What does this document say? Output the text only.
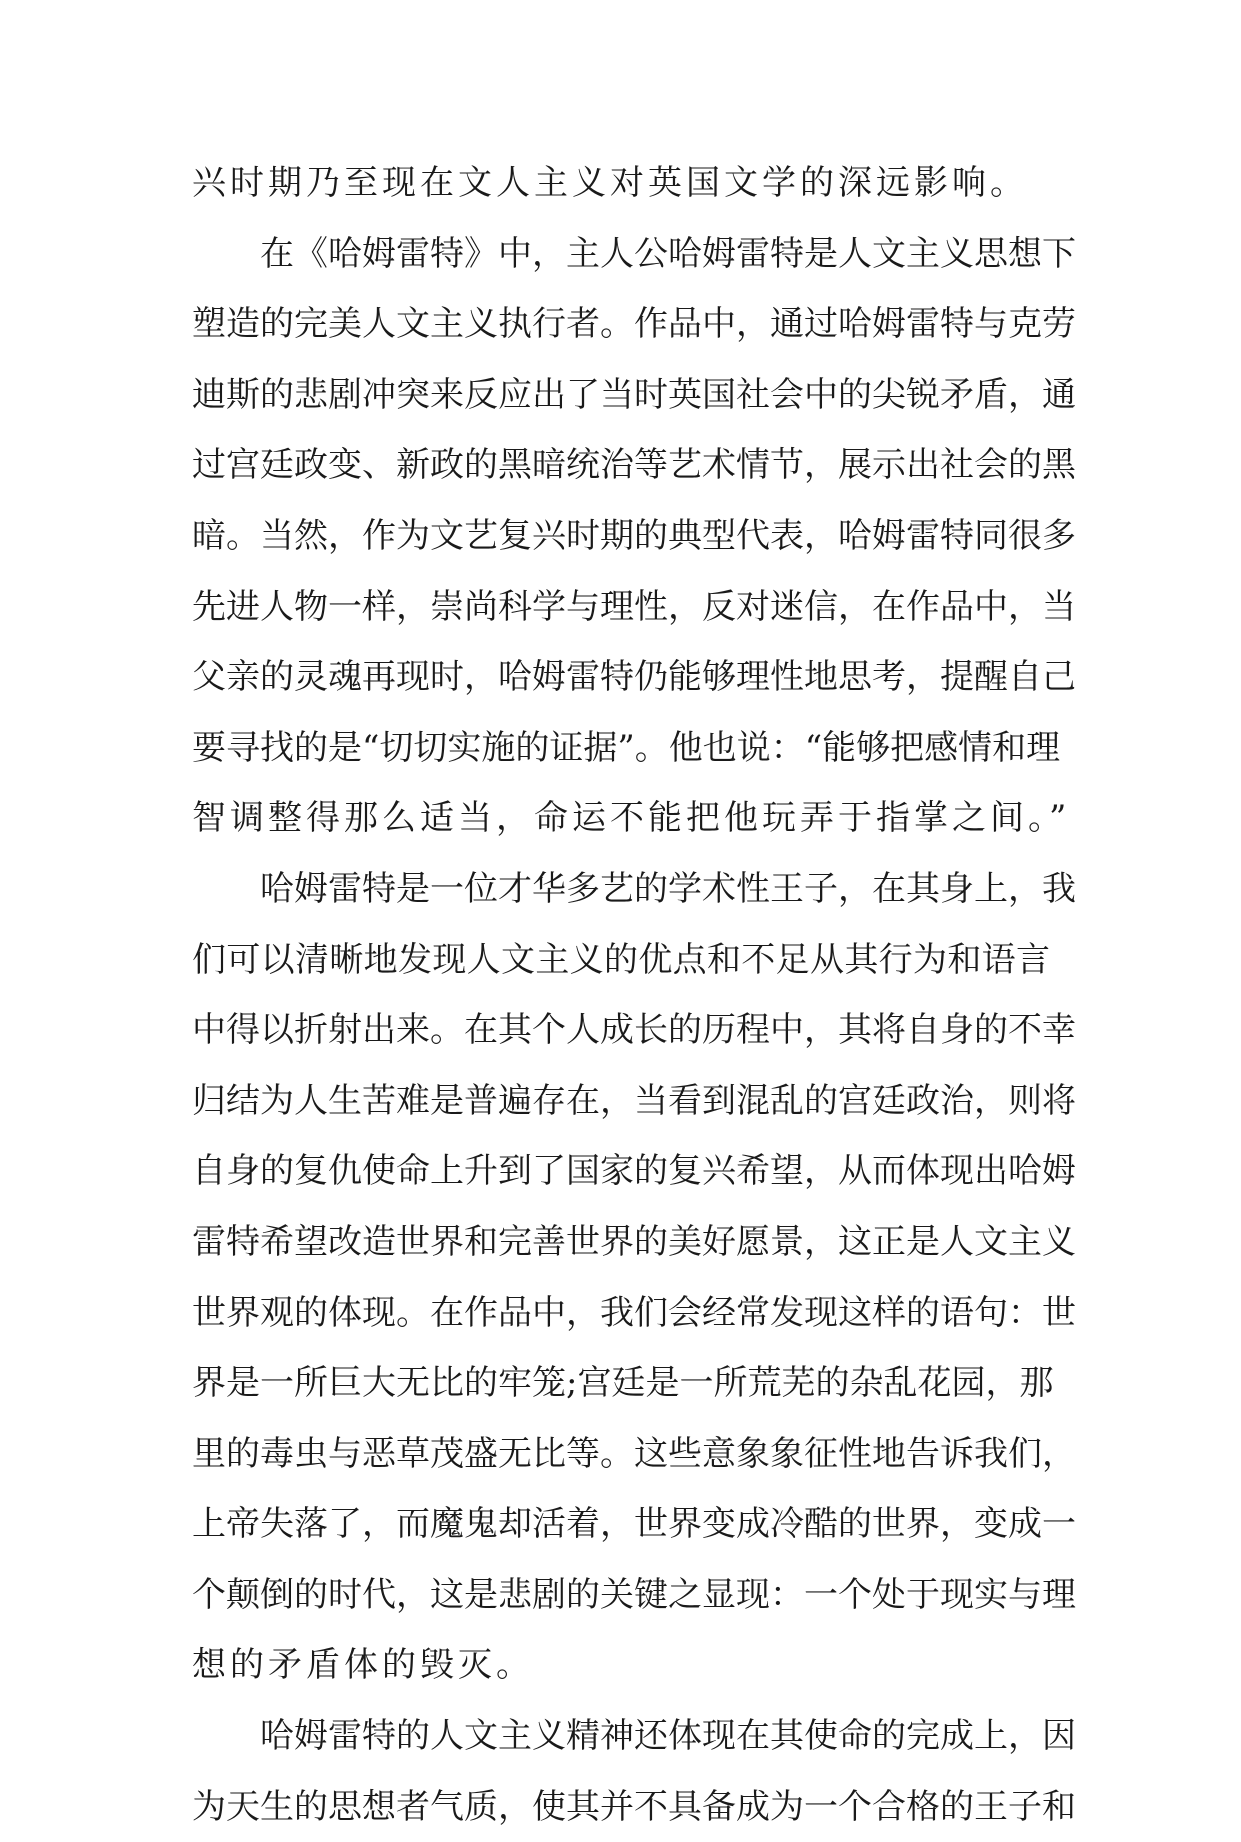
兴时期乃至现在文人主义对英国文学的深远影响。
在《哈姆雷特》中，主人公哈姆雷特是人文主义思想下
塑造的完美人文主义执行者。作品中，通过哈姆雷特与克劳
迪斯的悲剧冲突来反应出了当时英国社会中的尖锐矛盾，通
过宫廷政变、新政的黑暗统治等艺术情节，展示出社会的黑
暗。当然，作为文艺复兴时期的典型代表，哈姆雷特同很多
先进人物一样，崇尚科学与理性，反对迷信，在作品中，当
父亲的灵魂再现时，哈姆雷特仍能够理性地思考，提醒自己
要寻找的是“切切实施的证据”。他也说：“能够把感情和理
智调整得那么适当，命运不能把他玩弄于指掌之间。”
哈姆雷特是一位才华多艺的学术性王子，在其身上，我
们可以清晰地发现人文主义的优点和不足从其行为和语言
中得以折射出来。在其个人成长的历程中，其将自身的不幸
归结为人生苦难是普遍存在，当看到混乱的宫廷政治，则将
自身的复仇使命上升到了国家的复兴希望，从而体现出哈姆
雷特希望改造世界和完善世界的美好愿景，这正是人文主义
世界观的体现。在作品中，我们会经常发现这样的语句：世
界是一所巨大无比的牢笼;宫廷是一所荒芜的杂乱花园，那
里的毒虫与恶草茂盛无比等。这些意象象征性地告诉我们，
上帝失落了，而魔鬼却活着，世界变成冷酷的世界，变成一
个颠倒的时代，这是悲剧的关键之显现：一个处于现实与理
想的矛盾体的毁灭。
哈姆雷特的人文主义精神还体现在其使命的完成上，因
为天生的思想者气质，使其并不具备成为一个合格的王子和
